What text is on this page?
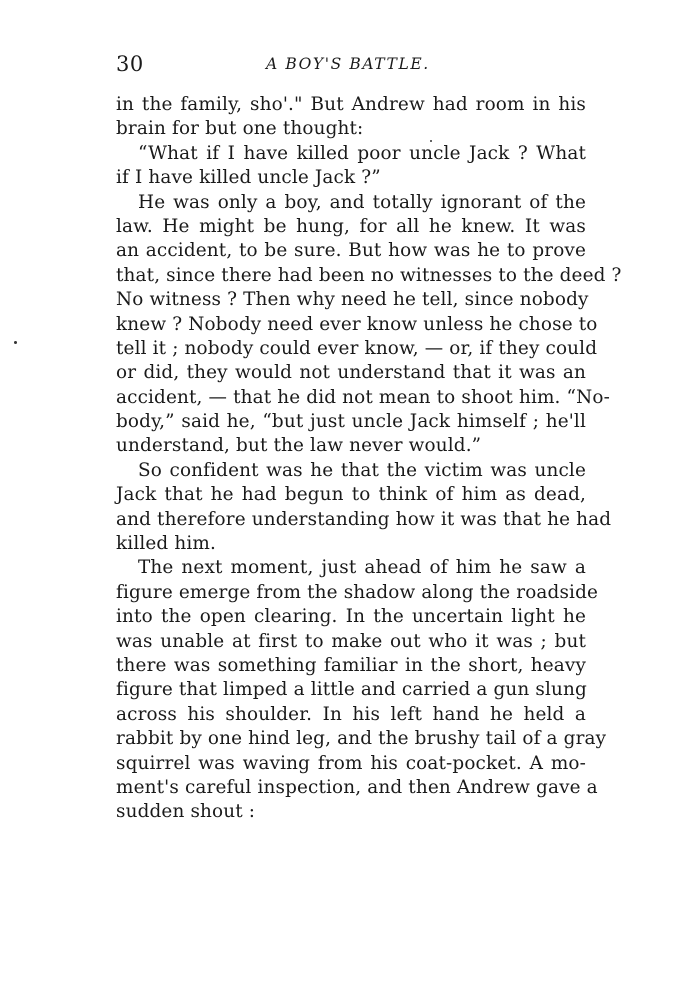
30	A BOY'S BATTLE.
in the family, sho'." But Andrew had room in his
brain for but one thought:
“What if I have killed poor uncle Jack ? What
if I have killed uncle Jack ?”
He was only a boy, and totally ignorant of the
law. He might be hung, for all he knew. It was
an accident, to be sure. But how was he to prove
that, since there had been no witnesses to the deed ?
No witness ? Then why need he tell, since nobody
knew ? Nobody need ever know unless he chose to
tell it ; nobody could ever know, — or, if they could
or did, they would not understand that it was an
accident, — that he did not mean to shoot him. “No-
body,” said he, “but just uncle Jack himself ; he'll
understand, but the law never would.”
So confident was he that the victim was uncle
Jack that he had begun to think of him as dead,
and therefore understanding how it was that he had
killed him.
The next moment, just ahead of him he saw a
figure emerge from the shadow along the roadside
into the open clearing. In the uncertain light he
was unable at first to make out who it was ; but
there was something familiar in the short, heavy
figure that limped a little and carried a gun slung
across his shoulder. In his left hand he held a
rabbit by one hind leg, and the brushy tail of a gray
squirrel was waving from his coat-pocket. A mo-
ment's careful inspection, and then Andrew gave a
sudden shout :
